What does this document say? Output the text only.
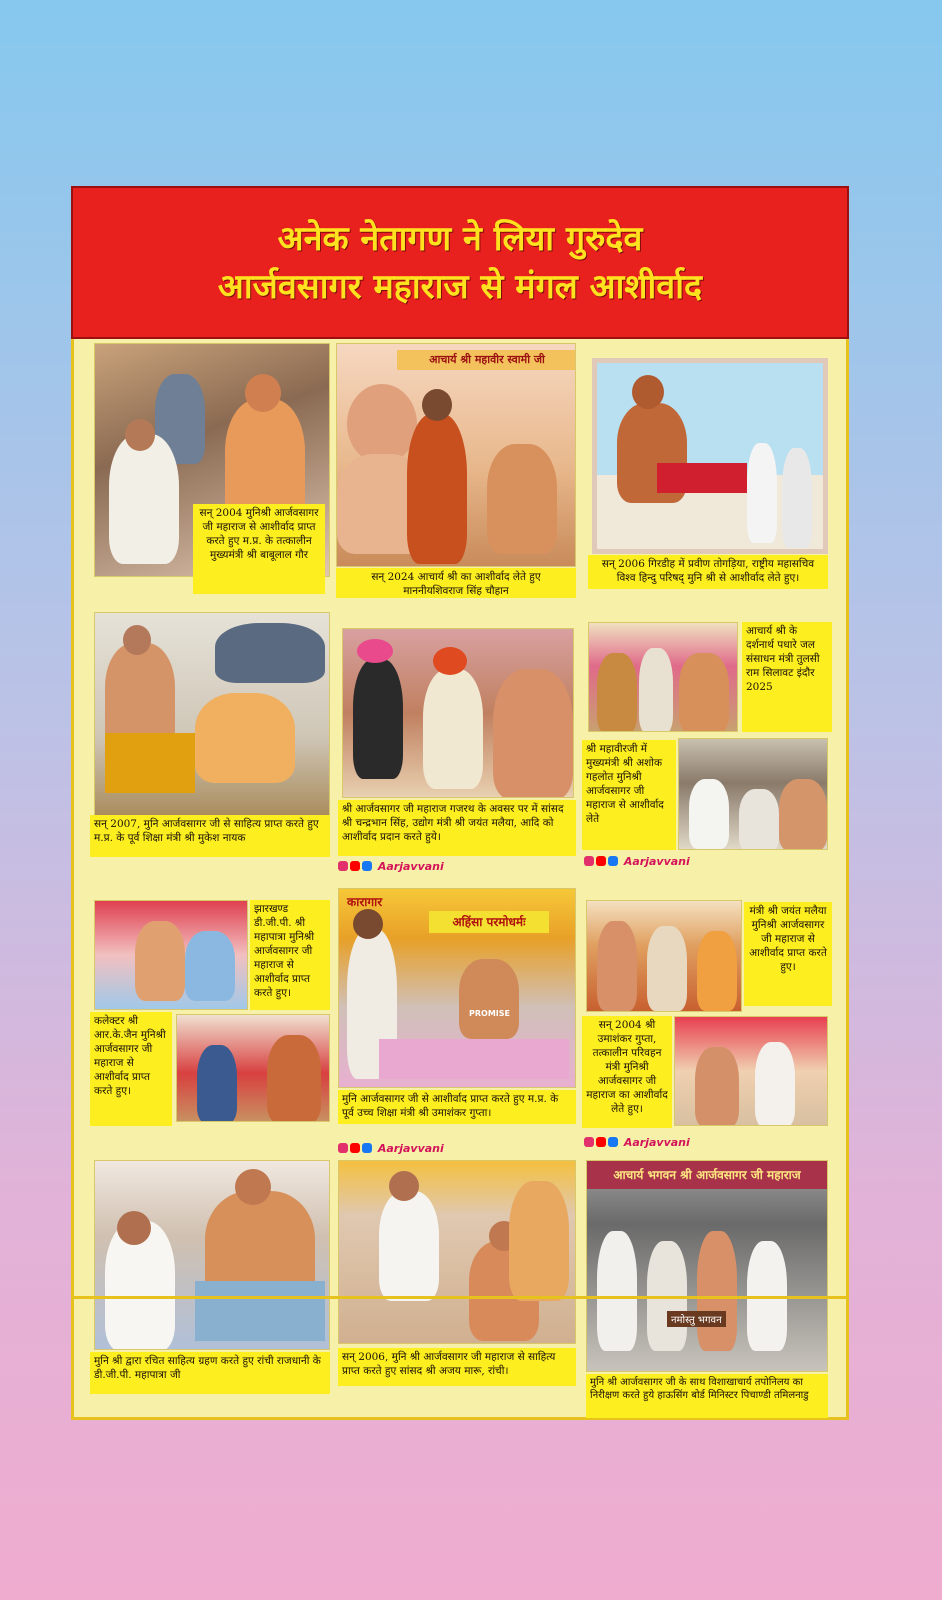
अनेक नेतागण ने लिया गुरुदेव
आर्जवसागर महाराज से मंगल आशीर्वाद
सन् 2004 मुनिश्री आर्जवसागर जी महाराज से आशीर्वाद प्राप्त करते हुए म.प्र. के तत्कालीन मुख्यमंत्री श्री बाबूलाल गौर
आचार्य श्री महावीर स्वामी जी
सन् 2024 आचार्य श्री का आशीर्वाद लेते हुए माननीयशिवराज सिंह चौहान
सन् 2006 गिरडीह में प्रवीण तोगड़िया, राष्ट्रीय महासचिव विश्व हिन्दु परिषद् मुनि श्री से आशीर्वाद लेते हुए।
सन् 2007, मुनि आर्जवसागर जी से साहित्य प्राप्त करते हुए म.प्र. के पूर्व शिक्षा मंत्री श्री मुकेश नायक
श्री आर्जवसागर जी महाराज गजरथ के अवसर पर में सांसद श्री चन्द्रभान सिंह, उद्योग मंत्री श्री जयंत मलैया, आदि को आशीर्वाद प्रदान करते हुये।
Aarjavvani
आचार्य श्री के दर्शनार्थ पधारे जल संसाधन मंत्री तुलसी राम सिलावट इंदौर 2025
श्री महावीरजी में मुख्यमंत्री श्री अशोक गहलोत मुनिश्री आर्जवसागर जी महाराज से आशीर्वाद लेते
Aarjavvani
झारखण्ड डी.जी.पी. श्री महापात्रा मुनिश्री आर्जवसागर जी महाराज से आशीर्वाद प्राप्त करते हुए।
कलेक्टर श्री आर.के.जैन मुनिश्री आर्जवसागर जी महाराज से आशीर्वाद प्राप्त करते हुए।
अहिंसा परमोधर्मः
कारागार
PROMISE
मुनि आर्जवसागर जी से आशीर्वाद प्राप्त करते हुए म.प्र. के पूर्व उच्च शिक्षा मंत्री श्री उमाशंकर गुप्ता।
Aarjavvani
मंत्री श्री जयंत मलैया मुनिश्री आर्जवसागर जी महाराज से आशीर्वाद प्राप्त करते हुए।
सन् 2004 श्री उमाशंकर गुप्ता, तत्कालीन परिवहन मंत्री मुनिश्री आर्जवसागर जी महाराज का आशीर्वाद लेते हुए।
Aarjavvani
मुनि श्री द्वारा रचित साहित्य ग्रहण करते हुए रांची राजधानी के डी.जी.पी. महापात्रा जी
सन् 2006, मुनि श्री आर्जवसागर जी महाराज से साहित्य प्राप्त करते हुए सांसद श्री अजय मारू, रांची।
आचार्य भगवन श्री आर्जवसागर जी महाराज
नमोस्तु भगवन
मुनि श्री आर्जवसागर जी के साथ विशाखाचार्य तपोनिलय का निरीक्षण करते हुये हाऊसिंग बोर्ड मिनिस्टर पिचाण्डी तमिलनाडु
